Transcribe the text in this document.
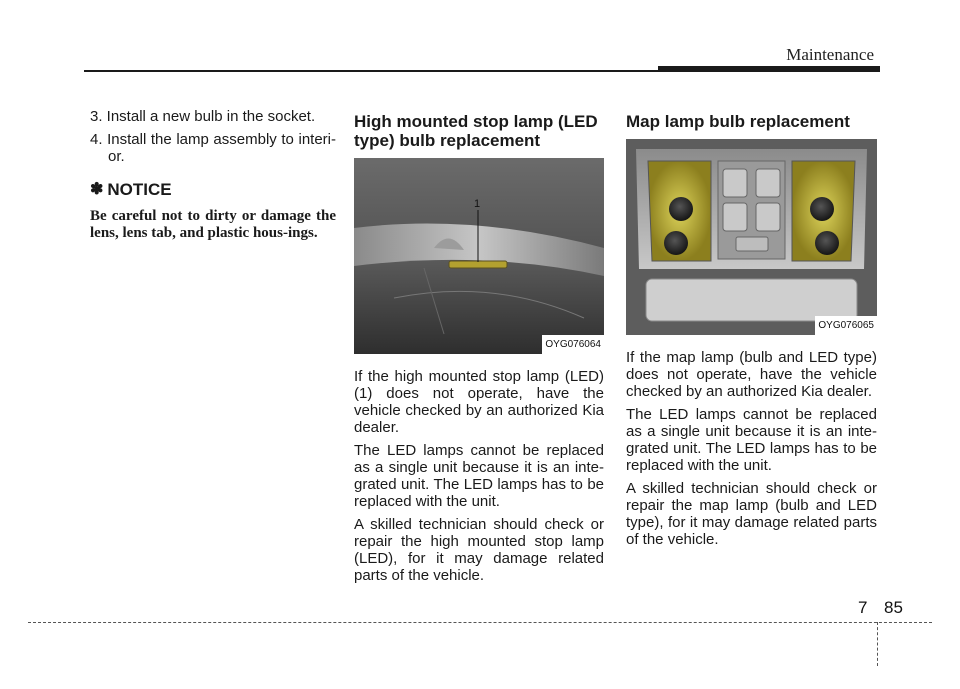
Maintenance

3. Install a new bulb in the socket.

4. Install the lamp assembly to interi-or.

✽ NOTICE

Be careful not to dirty or damage the lens, lens tab, and plastic hous-ings.

High mounted stop lamp (LED type) bulb replacement
1
OYG076064

If the high mounted stop lamp (LED) (1) does not operate, have the vehicle checked by an authorized Kia dealer.

The LED lamps cannot be replaced as a single unit because it is an inte-grated unit. The LED lamps has to be replaced with the unit.

A skilled technician should check or repair the high mounted stop lamp (LED), for it may damage related parts of the vehicle.

Map lamp bulb replacement
OYG076065

If the map lamp (bulb and LED type) does not operate, have the vehicle checked by an authorized Kia dealer.

The LED lamps cannot be replaced as a single unit because it is an inte-grated unit. The LED lamps has to be replaced with the unit.

A skilled technician should check or repair the map lamp (bulb and LED type), for it may damage related parts of the vehicle.

7 85
